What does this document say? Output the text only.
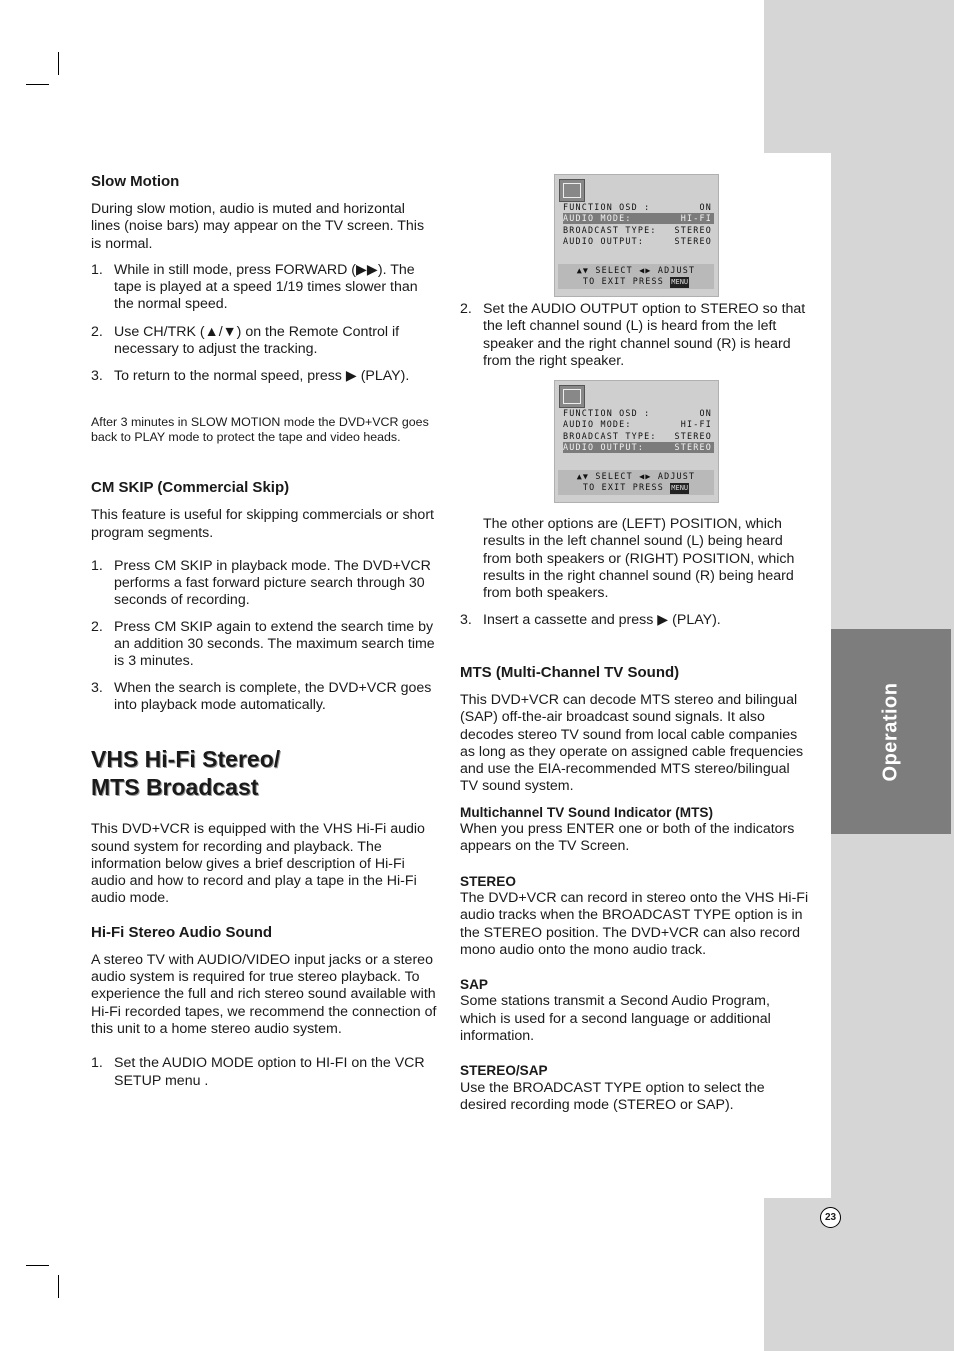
Operation
23
FUNCTION OSD :	ON
AUDIO MODE:	HI-FI
BROADCAST TYPE: STEREO
AUDIO OUTPUT:	STEREO
▲▼ SELECT ◀▶ ADJUST
TO EXIT PRESS MENU
FUNCTION OSD :	ON
AUDIO MODE:	HI-FI
BROADCAST TYPE: STEREO
AUDIO OUTPUT:	STEREO
▲▼ SELECT ◀▶ ADJUST
TO EXIT PRESS MENU
Slow Motion

During slow motion, audio is muted and horizontal lines (noise bars) may appear on the TV screen. This is normal.

1. While in still mode, press FORWARD (▶▶). The tape is played at a speed 1/19 times slower than the normal speed.
2. Use CH/TRK (▲/▼) on the Remote Control if necessary to adjust the tracking.
3. To return to the normal speed, press ▶ (PLAY).

After 3 minutes in SLOW MOTION mode the DVD+VCR goes back to PLAY mode to protect the tape and video heads.

CM SKIP (Commercial Skip)

This feature is useful for skipping commercials or short program segments.

1. Press CM SKIP in playback mode. The DVD+VCR performs a fast forward picture search through 30 seconds of recording.
2. Press CM SKIP again to extend the search time by an addition 30 seconds. The maximum search time is 3 minutes.
3. When the search is complete, the DVD+VCR goes into playback mode automatically.
VHS Hi-Fi Stereo/
MTS Broadcast

This DVD+VCR is equipped with the VHS Hi-Fi audio sound system for recording and playback. The information below gives a brief description of Hi-Fi audio and how to record and play a tape in the Hi-Fi audio mode.

Hi-Fi Stereo Audio Sound

A stereo TV with AUDIO/VIDEO input jacks or a stereo audio system is required for true stereo playback. To experience the full and rich stereo sound available with Hi-Fi recorded tapes, we recommend the connection of this unit to a home stereo audio system.

1. Set the AUDIO MODE option to HI-FI on the VCR SETUP menu .
2. Set the AUDIO OUTPUT option to STEREO so that the left channel sound (L) is heard from the left speaker and the right channel sound (R) is heard from the right speaker.

The other options are (LEFT) POSITION, which results in the left channel sound (L) being heard from both speakers or (RIGHT) POSITION, which results in the right channel sound (R) being heard from both speakers.

3. Insert a cassette and press ▶ (PLAY).
MTS (Multi-Channel TV Sound)

This DVD+VCR can decode MTS stereo and bilingual (SAP) off-the-air broadcast sound signals. It also decodes stereo TV sound from local cable companies as long as they operate on assigned cable frequencies and use the EIA-recommended MTS stereo/bilingual TV sound system.

Multichannel TV Sound Indicator (MTS)

When you press ENTER one or both of the indicators appears on the TV Screen.

STEREO

The DVD+VCR can record in stereo onto the VHS Hi-Fi audio tracks when the BROADCAST TYPE option is in the STEREO position. The DVD+VCR can also record mono audio onto the mono audio track.

SAP

Some stations transmit a Second Audio Program, which is used for a second language or additional information.

STEREO/SAP

Use the BROADCAST TYPE option to select the desired recording mode (STEREO or SAP).
